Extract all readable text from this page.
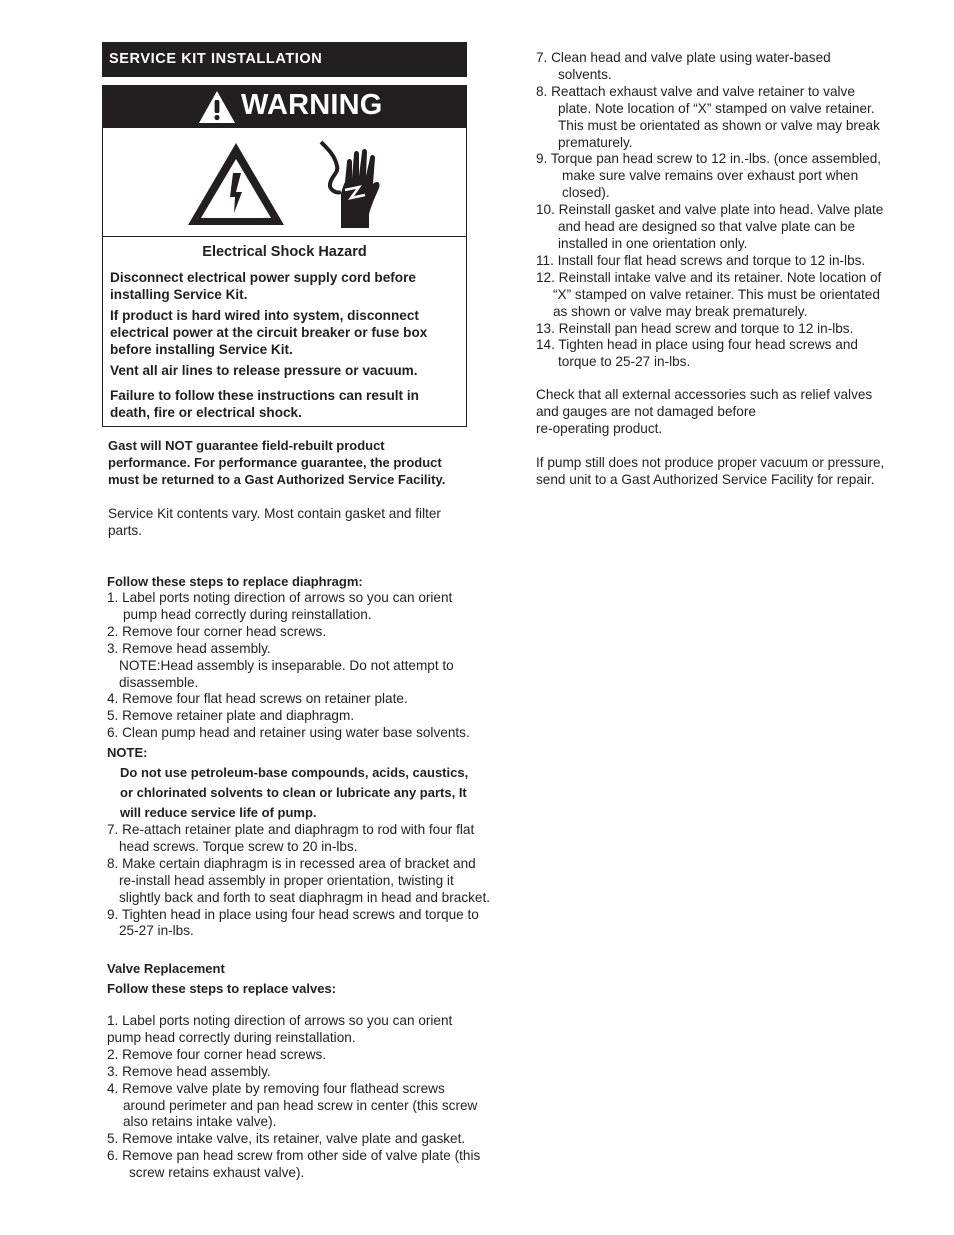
SERVICE KIT INSTALLATION
WARNING
Electrical Shock Hazard
Disconnect electrical power supply cord before
installing Service Kit.
If product is hard wired into system, disconnect
electrical power at the circuit breaker or fuse box
before installing Service Kit.
Vent all air lines to release pressure or vacuum.
Failure to follow these instructions can result in
death, fire or electrical shock.
Gast will NOT guarantee field-rebuilt product
performance. For performance guarantee, the product
must be returned to a Gast Authorized Service Facility.
Service Kit contents vary. Most contain gasket and filter
parts.
Follow these steps to replace diaphragm:
1. Label ports noting direction of arrows so you can orient
pump head correctly during reinstallation.
2. Remove four corner head screws.
3. Remove head assembly.
NOTE:Head assembly is inseparable. Do not attempt to
disassemble.
4. Remove four flat head screws on retainer plate.
5. Remove retainer plate and diaphragm.
6. Clean pump head and retainer using water base solvents.
NOTE:
Do not use petroleum-base compounds, acids, caustics,
or chlorinated solvents to clean or lubricate any parts, It
will reduce service life of pump.
7. Re-attach retainer plate and diaphragm to rod with four flat
head screws. Torque screw to 20 in-lbs.
8. Make certain diaphragm is in recessed area of bracket and
re-install head assembly in proper orientation, twisting it
slightly back and forth to seat diaphragm in head and bracket.
9. Tighten head in place using four head screws and torque to
25-27 in-lbs.
Valve Replacement
Follow these steps to replace valves:
1. Label ports noting direction of arrows so you can orient
pump head correctly during reinstallation.
2. Remove four corner head screws.
3. Remove head assembly.
4. Remove valve plate by removing four flathead screws
around perimeter and pan head screw in center (this screw
also retains intake valve).
5. Remove intake valve, its retainer, valve plate and gasket.
6. Remove pan head screw from other side of valve plate (this
screw retains exhaust valve).
7. Clean head and valve plate using water-based
solvents.
8. Reattach exhaust valve and valve retainer to valve
plate. Note location of “X” stamped on valve retainer.
This must be orientated as shown or valve may break
prematurely.
9. Torque pan head screw to 12 in.-lbs. (once assembled,
make sure valve remains over exhaust port when
closed).
10. Reinstall gasket and valve plate into head. Valve plate
and head are designed so that valve plate can be
installed in one orientation only.
11. Install four flat head screws and torque to 12 in-lbs.
12. Reinstall intake valve and its retainer. Note location of
“X” stamped on valve retainer. This must be orientated
as shown or valve may break prematurely.
13. Reinstall pan head screw and torque to 12 in-lbs.
14. Tighten head in place using four head screws and
torque to 25-27 in-lbs.
Check that all external accessories such as relief valves
and gauges are not damaged before
re-operating product.
If pump still does not produce proper vacuum or pressure,
send unit to a Gast Authorized Service Facility for repair.
